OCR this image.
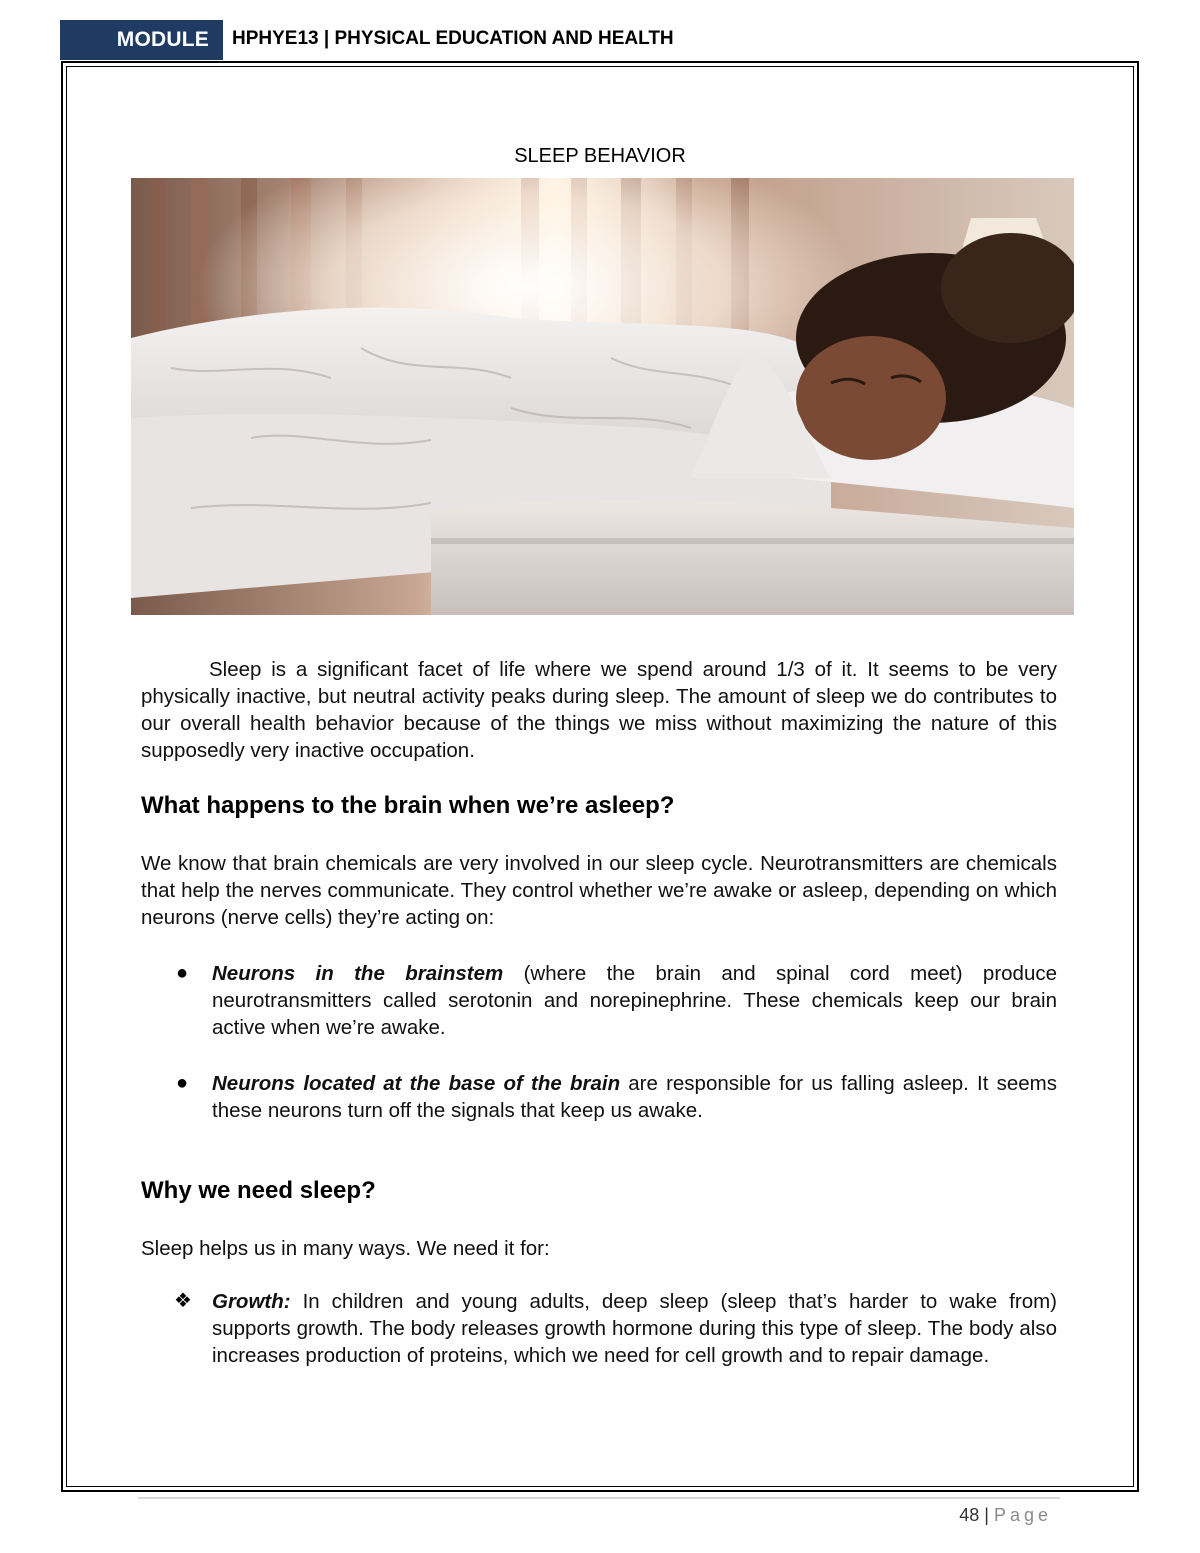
MODULE	HPHYE13 | PHYSICAL EDUCATION AND HEALTH
SLEEP BEHAVIOR
Sleep is a significant facet of life where we spend around 1/3 of it. It seems to be very physically inactive, but neutral activity peaks during sleep. The amount of sleep we do contributes to our overall health behavior because of the things we miss without maximizing the nature of this supposedly very inactive occupation.
What happens to the brain when we’re asleep?
We know that brain chemicals are very involved in our sleep cycle. Neurotransmitters are chemicals that help the nerves communicate. They control whether we’re awake or asleep, depending on which neurons (nerve cells) they’re acting on:
● Neurons in the brainstem (where the brain and spinal cord meet) produce neurotransmitters called serotonin and norepinephrine. These chemicals keep our brain active when we’re awake.
● Neurons located at the base of the brain are responsible for us falling asleep. It seems these neurons turn off the signals that keep us awake.
Why we need sleep?
Sleep helps us in many ways. We need it for:
❖ Growth: In children and young adults, deep sleep (sleep that’s harder to wake from) supports growth. The body releases growth hormone during this type of sleep. The body also increases production of proteins, which we need for cell growth and to repair damage.
48 | Page
